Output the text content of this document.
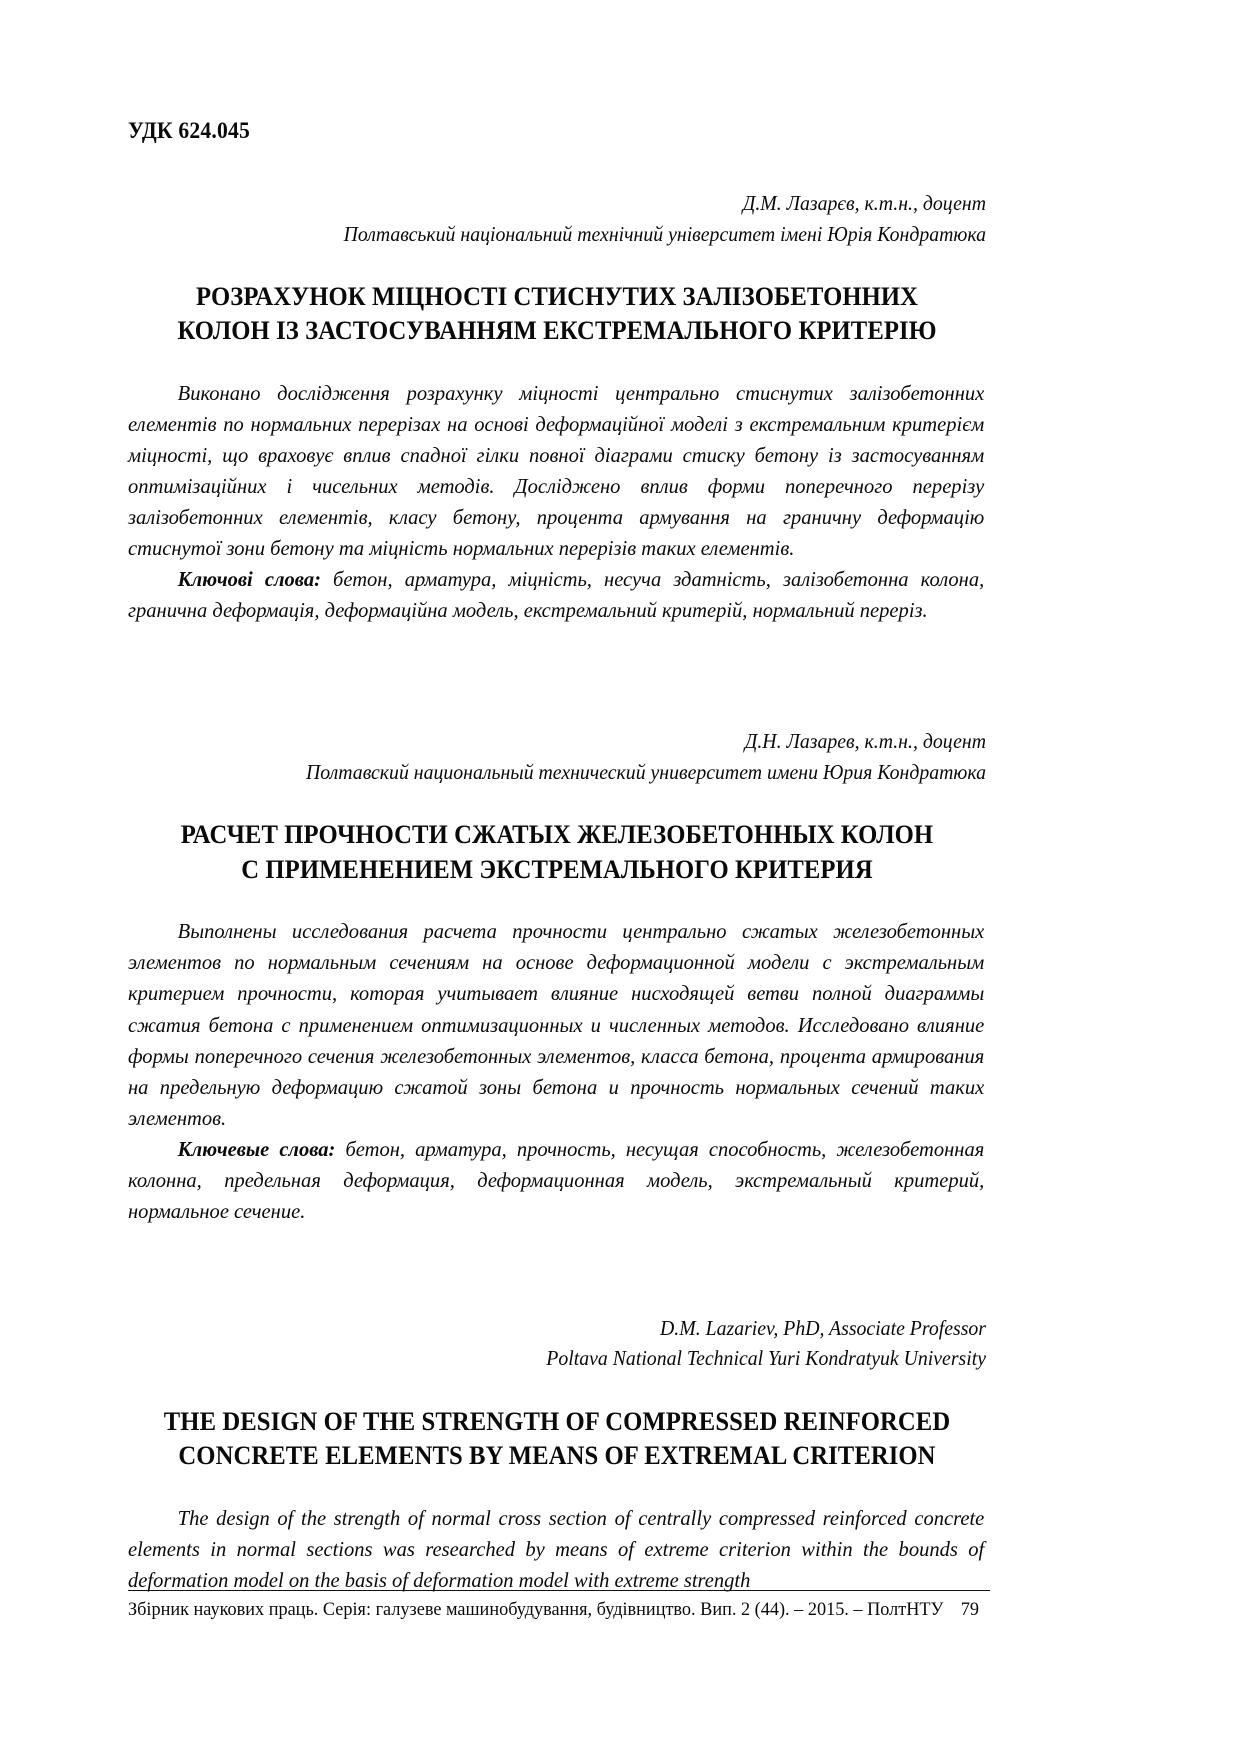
УДК 624.045
Д.М. Лазарєв, к.т.н., доцент
Полтавський національний технічний університет імені Юрія Кондратюка
РОЗРАХУНОК МІЦНОСТІ СТИСНУТИХ ЗАЛІЗОБЕТОННИХ
КОЛОН ІЗ ЗАСТОСУВАННЯМ ЕКСТРЕМАЛЬНОГО КРИТЕРІЮ

Виконано дослідження розрахунку міцності центрально стиснутих залізобетонних елементів по нормальних перерізах на основі деформаційної моделі з екстремальним критерієм міцності, що враховує вплив спадної гілки повної діаграми стиску бетону із застосуванням оптимізаційних і чисельних методів. Досліджено вплив форми поперечного перерізу залізобетонних елементів, класу бетону, процента армування на граничну деформацію стиснутої зони бетону та міцність нормальних перерізів таких елементів.

Ключові слова: бетон, арматура, міцність, несуча здатність, залізобетонна колона, гранична деформація, деформаційна модель, екстремальний критерій, нормальний переріз.

Д.Н. Лазарев, к.т.н., доцент
Полтавский национальный технический университет имени Юрия Кондратюка
РАСЧЕТ ПРОЧНОСТИ СЖАТЫХ ЖЕЛЕЗОБЕТОННЫХ КОЛОН
С ПРИМЕНЕНИЕМ ЭКСТРЕМАЛЬНОГО КРИТЕРИЯ

Выполнены исследования расчета прочности центрально сжатых железобетонных элементов по нормальным сечениям на основе деформационной модели с экстремальным критерием прочности, которая учитывает влияние нисходящей ветви полной диаграммы сжатия бетона с применением оптимизационных и численных методов. Исследовано влияние формы поперечного сечения железобетонных элементов, класса бетона, процента армирования на предельную деформацию сжатой зоны бетона и прочность нормальных сечений таких элементов.

Ключевые слова: бетон, арматура, прочность, несущая способность, железобетонная колонна, предельная деформация, деформационная модель, экстремальный критерий, нормальное сечение.

D.M. Lazariev, PhD, Associate Professor
Poltava National Technical Yuri Kondratyuk University
THE DESIGN OF THE STRENGTH OF COMPRESSED REINFORCED
CONCRETE ELEMENTS BY MEANS OF EXTREMAL CRITERION

The design of the strength of normal cross section of centrally compressed reinforced concrete elements in normal sections was researched by means of extreme criterion within the bounds of deformation model on the basis of deformation model with extreme strength

Збірник наукових праць. Серія: галузеве машинобудування, будівництво. Вип. 2 (44). – 2015. – ПолтНТУ 79
